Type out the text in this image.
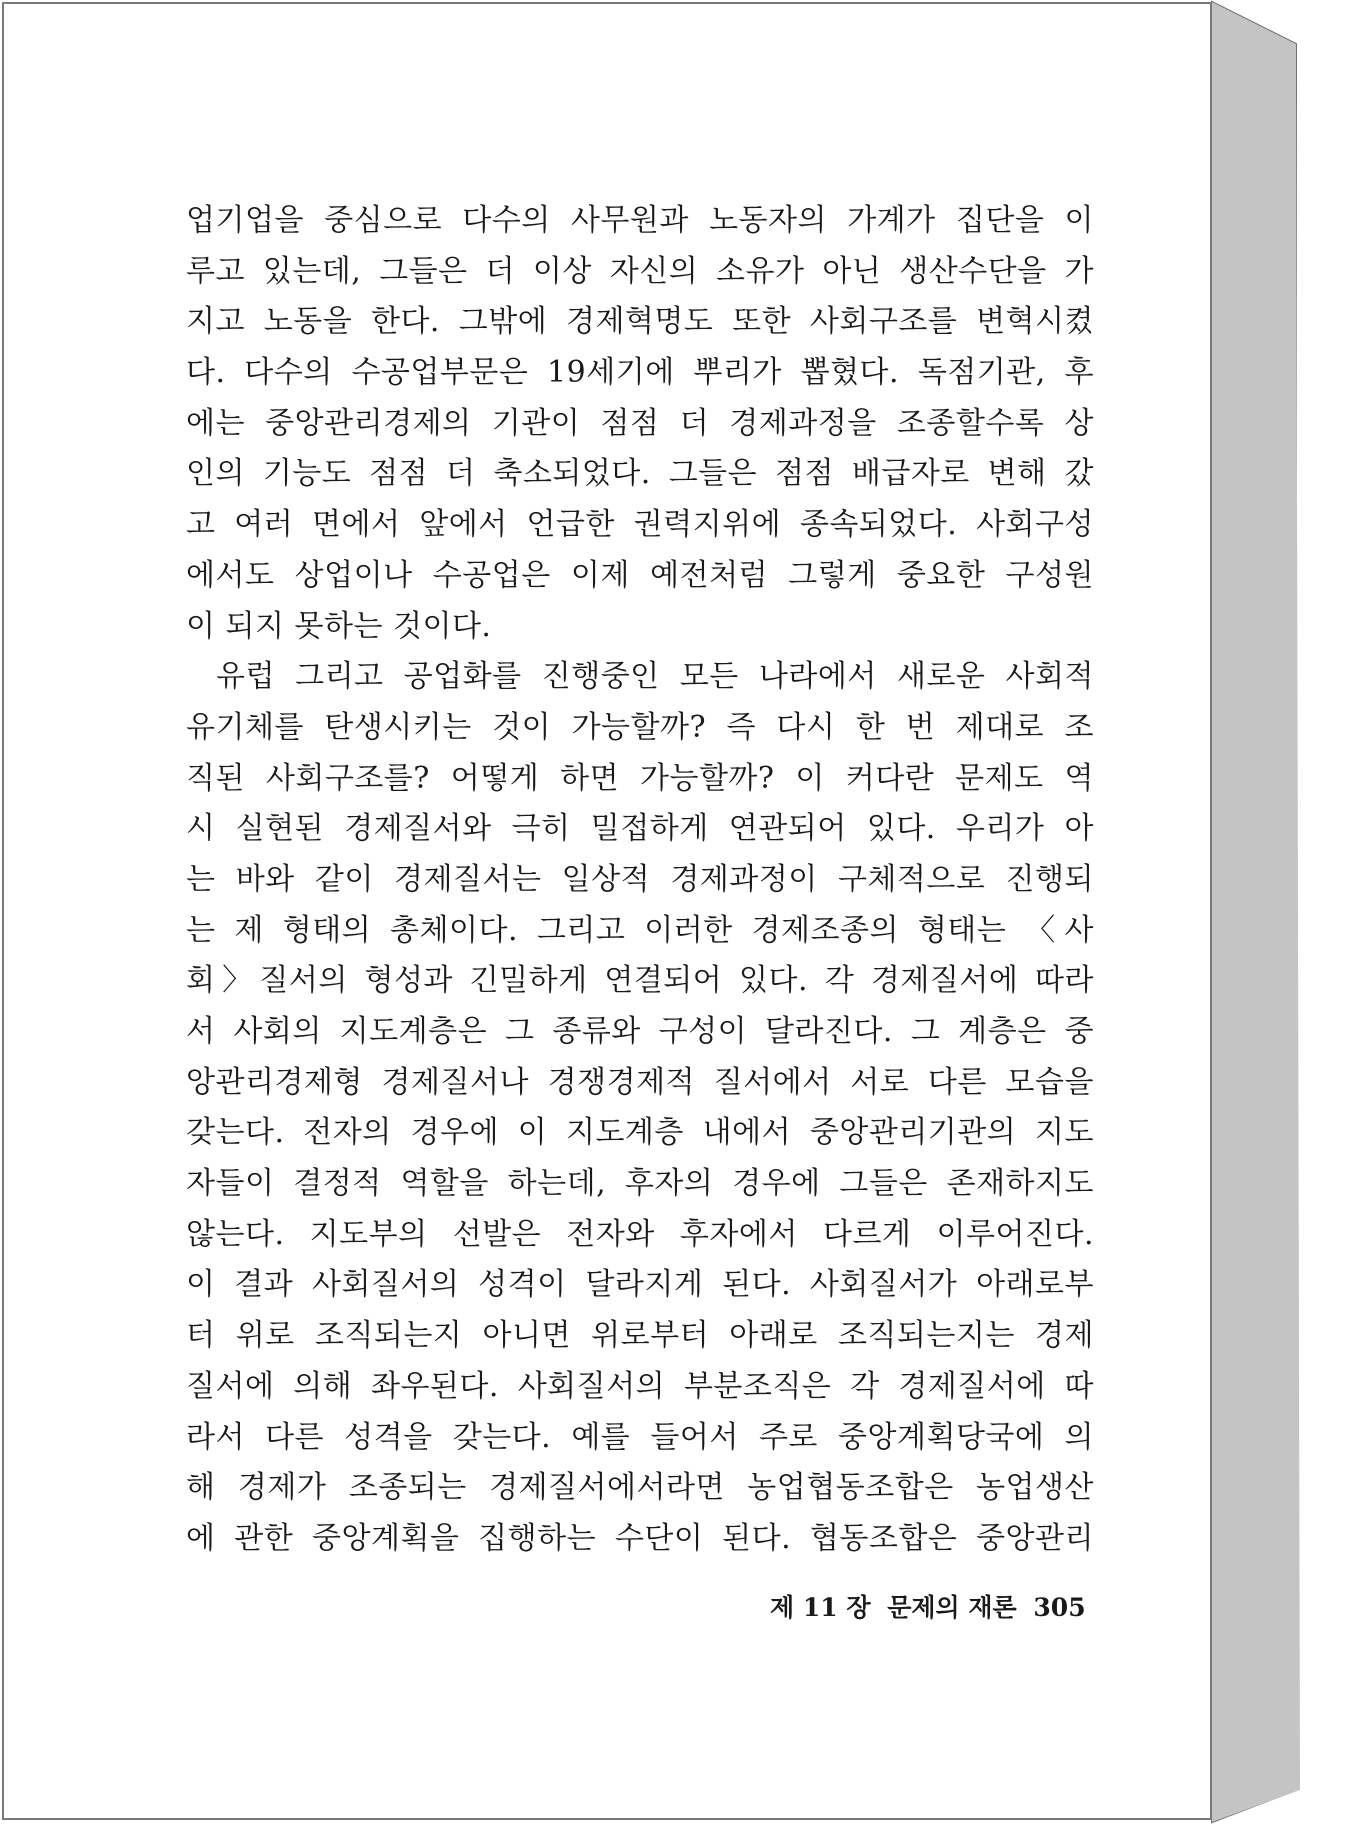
업기업을 중심으로 다수의 사무원과 노동자의 가계가 집단을 이
루고 있는데, 그들은 더 이상 자신의 소유가 아닌 생산수단을 가
지고 노동을 한다. 그밖에 경제혁명도 또한 사회구조를 변혁시켰
다. 다수의 수공업부문은 19세기에 뿌리가 뽑혔다. 독점기관, 후
에는 중앙관리경제의 기관이 점점 더 경제과정을 조종할수록 상
인의 기능도 점점 더 축소되었다. 그들은 점점 배급자로 변해 갔
고 여러 면에서 앞에서 언급한 권력지위에 종속되었다. 사회구성
에서도 상업이나 수공업은 이제 예전처럼 그렇게 중요한 구성원
이 되지 못하는 것이다.
유럽 그리고 공업화를 진행중인 모든 나라에서 새로운 사회적
유기체를 탄생시키는 것이 가능할까? 즉 다시 한 번 제대로 조
직된 사회구조를? 어떻게 하면 가능할까? 이 커다란 문제도 역
시 실현된 경제질서와 극히 밀접하게 연관되어 있다. 우리가 아
는 바와 같이 경제질서는 일상적 경제과정이 구체적으로 진행되
는 제 형태의 총체이다. 그리고 이러한 경제조종의 형태는 〈사
회〉질서의 형성과 긴밀하게 연결되어 있다. 각 경제질서에 따라
서 사회의 지도계층은 그 종류와 구성이 달라진다. 그 계층은 중
앙관리경제형 경제질서나 경쟁경제적 질서에서 서로 다른 모습을
갖는다. 전자의 경우에 이 지도계층 내에서 중앙관리기관의 지도
자들이 결정적 역할을 하는데, 후자의 경우에 그들은 존재하지도
않는다. 지도부의 선발은 전자와 후자에서 다르게 이루어진다.
이 결과 사회질서의 성격이 달라지게 된다. 사회질서가 아래로부
터 위로 조직되는지 아니면 위로부터 아래로 조직되는지는 경제
질서에 의해 좌우된다. 사회질서의 부분조직은 각 경제질서에 따
라서 다른 성격을 갖는다. 예를 들어서 주로 중앙계획당국에 의
해 경제가 조종되는 경제질서에서라면 농업협동조합은 농업생산
에 관한 중앙계획을 집행하는 수단이 된다. 협동조합은 중앙관리
제 11 장 문제의 재론 305
